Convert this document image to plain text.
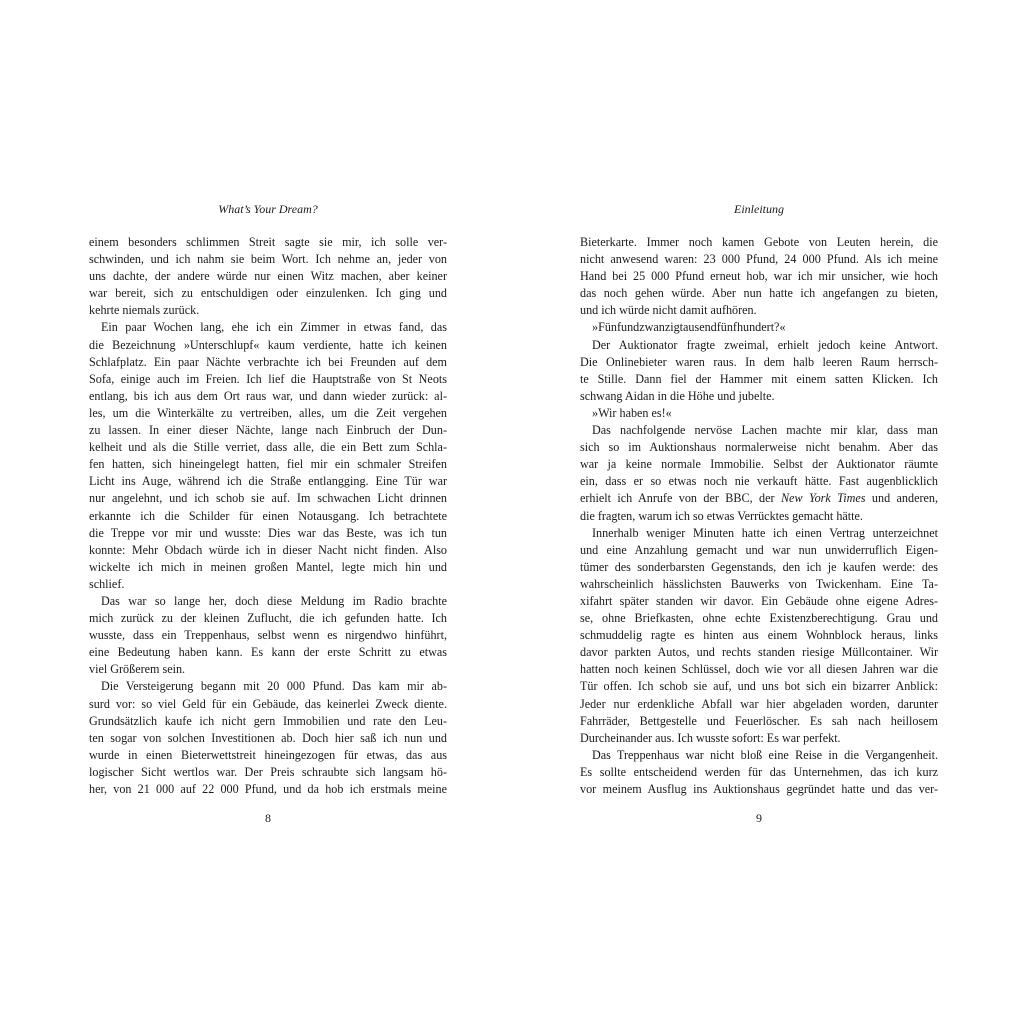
What’s Your Dream?
einem besonders schlimmen Streit sagte sie mir, ich solle ver-
schwinden, und ich nahm sie beim Wort. Ich nehme an, jeder von
uns dachte, der andere würde nur einen Witz machen, aber keiner
war bereit, sich zu entschuldigen oder einzulenken. Ich ging und
kehrte niemals zurück.
Ein paar Wochen lang, ehe ich ein Zimmer in etwas fand, das
die Bezeichnung »Unterschlupf« kaum verdiente, hatte ich keinen
Schlafplatz. Ein paar Nächte verbrachte ich bei Freunden auf dem
Sofa, einige auch im Freien. Ich lief die Hauptstraße von St Neots
entlang, bis ich aus dem Ort raus war, und dann wieder zurück: al-
les, um die Winterkälte zu vertreiben, alles, um die Zeit vergehen
zu lassen. In einer dieser Nächte, lange nach Einbruch der Dun-
kelheit und als die Stille verriet, dass alle, die ein Bett zum Schla-
fen hatten, sich hineingelegt hatten, fiel mir ein schmaler Streifen
Licht ins Auge, während ich die Straße entlangging. Eine Tür war
nur angelehnt, und ich schob sie auf. Im schwachen Licht drinnen
erkannte ich die Schilder für einen Notausgang. Ich betrachtete
die Treppe vor mir und wusste: Dies war das Beste, was ich tun
konnte: Mehr Obdach würde ich in dieser Nacht nicht finden. Also
wickelte ich mich in meinen großen Mantel, legte mich hin und
schlief.
Das war so lange her, doch diese Meldung im Radio brachte
mich zurück zu der kleinen Zuflucht, die ich gefunden hatte. Ich
wusste, dass ein Treppenhaus, selbst wenn es nirgendwo hinführt,
eine Bedeutung haben kann. Es kann der erste Schritt zu etwas
viel Größerem sein.
Die Versteigerung begann mit 20 000 Pfund. Das kam mir ab-
surd vor: so viel Geld für ein Gebäude, das keinerlei Zweck diente.
Grundsätzlich kaufe ich nicht gern Immobilien und rate den Leu-
ten sogar von solchen Investitionen ab. Doch hier saß ich nun und
wurde in einen Bieterwettstreit hineingezogen für etwas, das aus
logischer Sicht wertlos war. Der Preis schraubte sich langsam hö-
her, von 21 000 auf 22 000 Pfund, und da hob ich erstmals meine
8
Einleitung
Bieterkarte. Immer noch kamen Gebote von Leuten herein, die
nicht anwesend waren: 23 000 Pfund, 24 000 Pfund. Als ich meine
Hand bei 25 000 Pfund erneut hob, war ich mir unsicher, wie hoch
das noch gehen würde. Aber nun hatte ich angefangen zu bieten,
und ich würde nicht damit aufhören.
»Fünfundzwanzigtausendfünfhundert?«
Der Auktionator fragte zweimal, erhielt jedoch keine Antwort.
Die Onlinebieter waren raus. In dem halb leeren Raum herrsch-
te Stille. Dann fiel der Hammer mit einem satten Klicken. Ich
schwang Aidan in die Höhe und jubelte.
»Wir haben es!«
Das nachfolgende nervöse Lachen machte mir klar, dass man
sich so im Auktionshaus normalerweise nicht benahm. Aber das
war ja keine normale Immobilie. Selbst der Auktionator räumte
ein, dass er so etwas noch nie verkauft hätte. Fast augenblicklich
erhielt ich Anrufe von der BBC, der New York Times und anderen,
die fragten, warum ich so etwas Verrücktes gemacht hätte.
Innerhalb weniger Minuten hatte ich einen Vertrag unterzeichnet
und eine Anzahlung gemacht und war nun unwiderruflich Eigen-
tümer des sonderbarsten Gegenstands, den ich je kaufen werde: des
wahrscheinlich hässlichsten Bauwerks von Twickenham. Eine Ta-
xifahrt später standen wir davor. Ein Gebäude ohne eigene Adres-
se, ohne Briefkasten, ohne echte Existenzberechtigung. Grau und
schmuddelig ragte es hinten aus einem Wohnblock heraus, links
davor parkten Autos, und rechts standen riesige Müllcontainer. Wir
hatten noch keinen Schlüssel, doch wie vor all diesen Jahren war die
Tür offen. Ich schob sie auf, und uns bot sich ein bizarrer Anblick:
Jeder nur erdenkliche Abfall war hier abgeladen worden, darunter
Fahrräder, Bettgestelle und Feuerlöscher. Es sah nach heillosem
Durcheinander aus. Ich wusste sofort: Es war perfekt.
Das Treppenhaus war nicht bloß eine Reise in die Vergangenheit.
Es sollte entscheidend werden für das Unternehmen, das ich kurz
vor meinem Ausflug ins Auktionshaus gegründet hatte und das ver-
9
